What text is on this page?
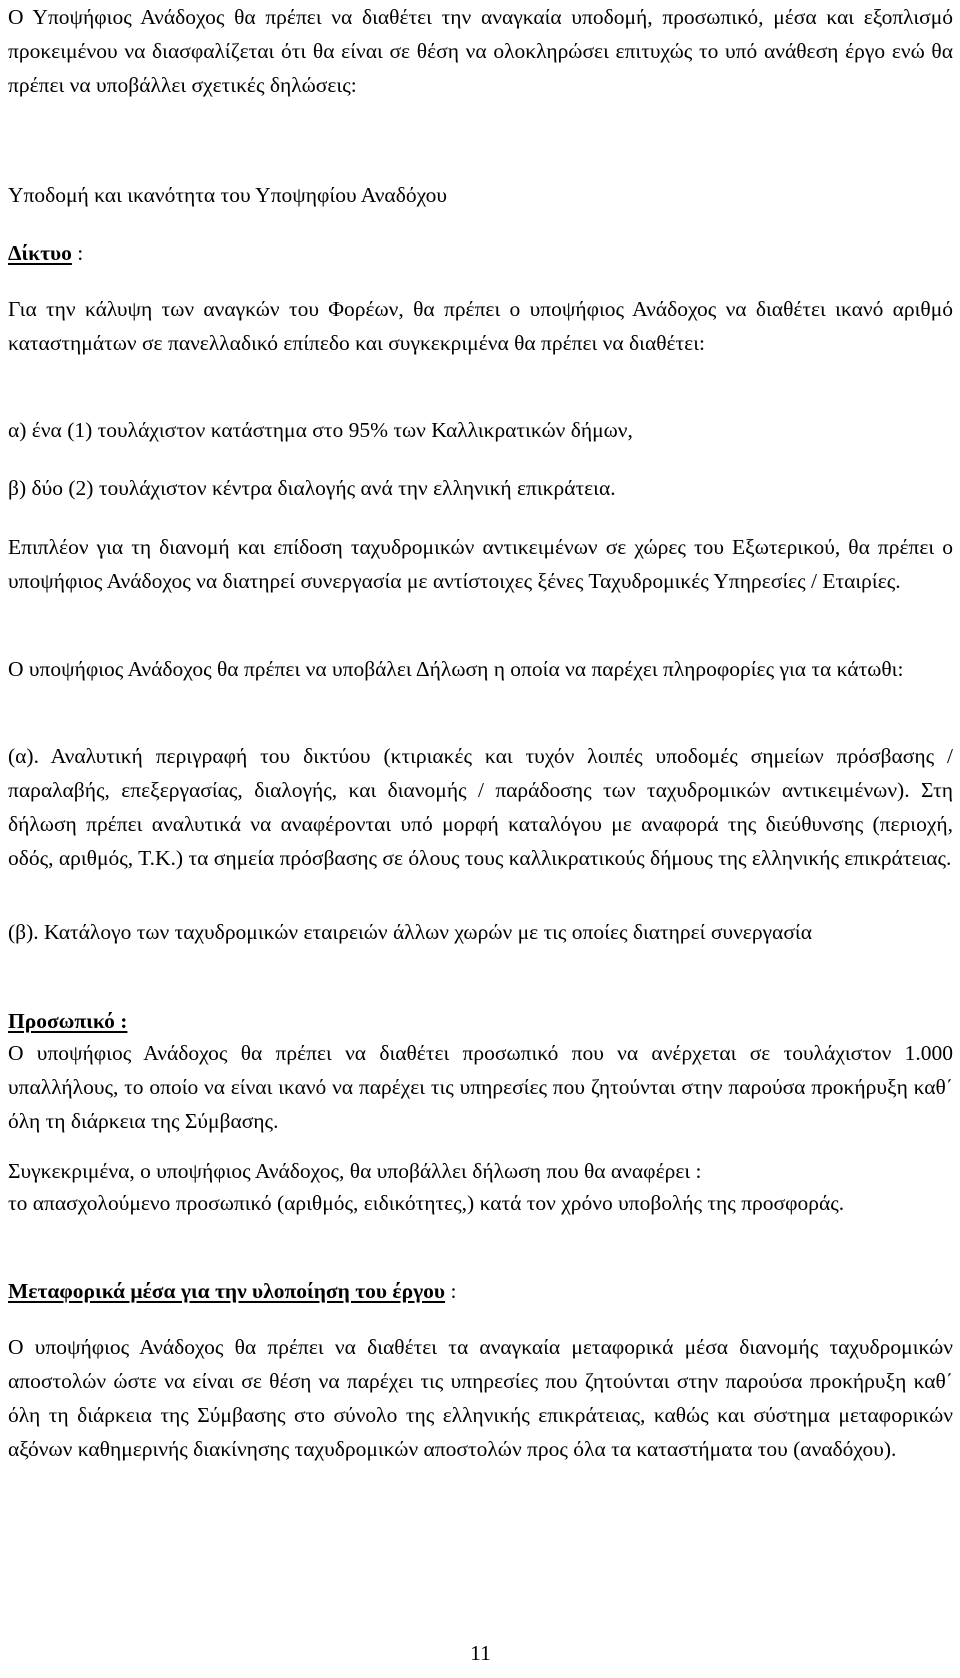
Ο Υποψήφιος Ανάδοχος θα πρέπει να διαθέτει την αναγκαία υποδομή, προσωπικό, μέσα και εξοπλισμό προκειμένου να διασφαλίζεται ότι θα είναι σε θέση να ολοκληρώσει επιτυχώς το υπό ανάθεση έργο ενώ θα πρέπει να υποβάλλει σχετικές δηλώσεις:

Υποδομή και ικανότητα του Υποψηφίου Αναδόχου

Δίκτυο :

Για την κάλυψη των αναγκών του Φορέων, θα πρέπει ο υποψήφιος Ανάδοχος να διαθέτει ικανό αριθμό καταστημάτων σε πανελλαδικό επίπεδο και συγκεκριμένα θα πρέπει να διαθέτει:

α) ένα (1) τουλάχιστον κατάστημα στο 95% των Καλλικρατικών δήμων,

β) δύο (2) τουλάχιστον κέντρα διαλογής ανά την ελληνική επικράτεια.

Επιπλέον για τη διανομή και επίδοση ταχυδρομικών αντικειμένων σε χώρες του Εξωτερικού, θα πρέπει ο υποψήφιος Ανάδοχος να διατηρεί συνεργασία με αντίστοιχες ξένες Ταχυδρομικές Υπηρεσίες / Εταιρίες.

Ο υποψήφιος Ανάδοχος θα πρέπει να υποβάλει Δήλωση η οποία να παρέχει πληροφορίες για τα κάτωθι:

(α). Αναλυτική περιγραφή του δικτύου (κτιριακές και τυχόν λοιπές υποδομές σημείων πρόσβασης /παραλαβής, επεξεργασίας, διαλογής, και διανομής / παράδοσης των ταχυδρομικών αντικειμένων). Στη δήλωση πρέπει αναλυτικά να αναφέρονται υπό μορφή καταλόγου με αναφορά της διεύθυνσης (περιοχή, οδός, αριθμός, Τ.Κ.) τα σημεία πρόσβασης σε όλους τους καλλικρατικούς δήμους της ελληνικής επικράτειας.

(β). Κατάλογο των ταχυδρομικών εταιρειών άλλων χωρών με τις οποίες διατηρεί συνεργασία

Προσωπικό :

Ο υποψήφιος Ανάδοχος θα πρέπει να διαθέτει προσωπικό που να ανέρχεται σε τουλάχιστον 1.000 υπαλλήλους, το οποίο να είναι ικανό να παρέχει τις υπηρεσίες που ζητούνται στην παρούσα προκήρυξη καθ΄ όλη τη διάρκεια της Σύμβασης.

Συγκεκριμένα, ο υποψήφιος Ανάδοχος, θα υποβάλλει δήλωση που θα αναφέρει :

το απασχολούμενο προσωπικό (αριθμός, ειδικότητες,) κατά τον χρόνο υποβολής της προσφοράς.

Μεταφορικά μέσα για την υλοποίηση του έργου :

Ο υποψήφιος Ανάδοχος θα πρέπει να διαθέτει τα αναγκαία μεταφορικά μέσα διανομής ταχυδρομικών αποστολών ώστε να είναι σε θέση να παρέχει τις υπηρεσίες που ζητούνται στην παρούσα προκήρυξη καθ΄ όλη τη διάρκεια της Σύμβασης στο σύνολο της ελληνικής επικράτειας, καθώς και σύστημα μεταφορικών αξόνων καθημερινής διακίνησης ταχυδρομικών αποστολών προς όλα τα καταστήματα του (αναδόχου).

11
